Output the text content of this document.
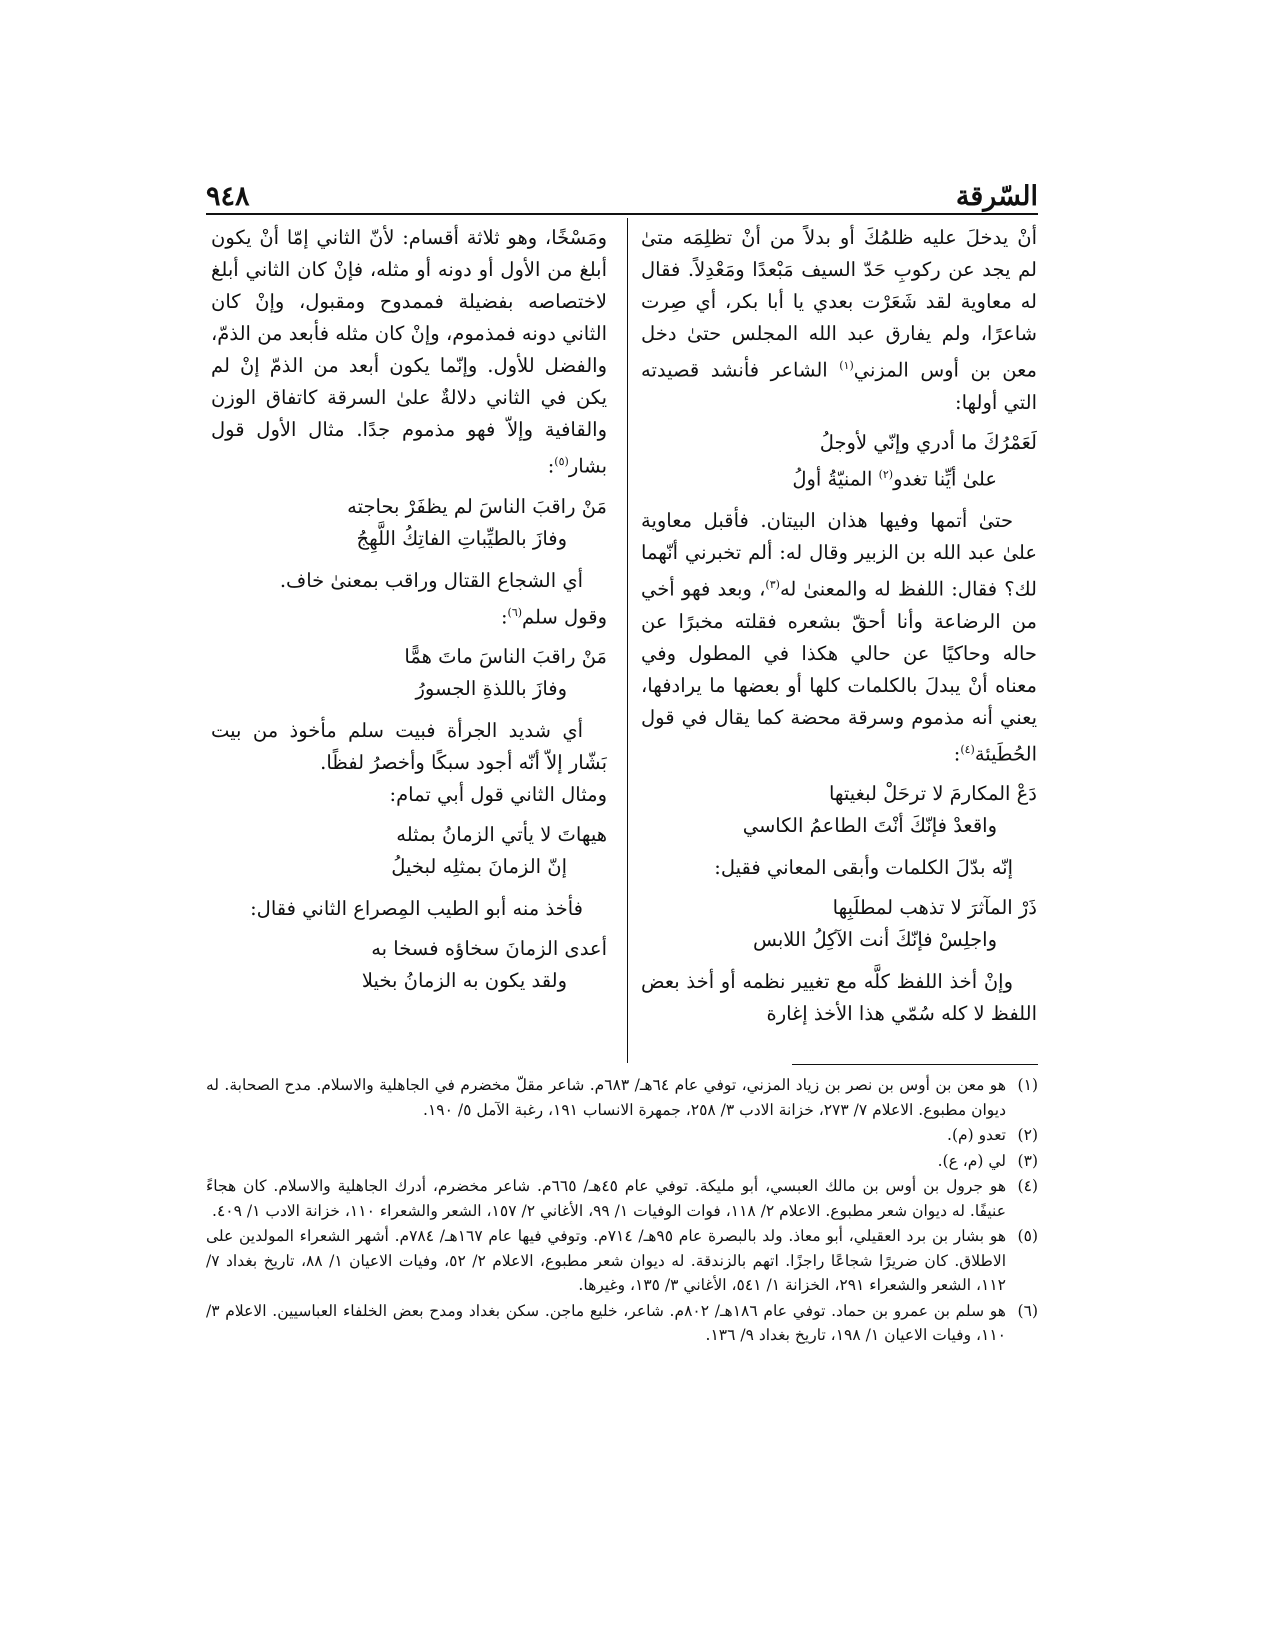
السّرقة
٩٤٨

أنْ يدخلَ عليه ظلمُكَ أو بدلاً من أنْ تظلِمَه متىٰ لم يجد عن ركوبِ حَدّ السيف مَبْعدًا ومَعْدِلاً. فقال له معاوية لقد شَعَرْت بعدي يا أبا بكر، أي صِرت شاعرًا، ولم يفارق عبد الله المجلس حتىٰ دخل معن بن أوس المزني$^{(١)}$ الشاعر فأنشد قصيدته التي أولها:

لَعَمْرُكَ ما أدري وإنّي لأوجلُ
علىٰ أيِّنا تغدو$^{(٢)}$ المنيّةُ أولُ

حتىٰ أتمها وفيها هذان البيتان. فأقبل معاوية علىٰ عبد الله بن الزبير وقال له: ألم تخبرني أنّهما لك؟ فقال: اللفظ له والمعنىٰ له$^{(٣)}$، وبعد فهو أخي من الرضاعة وأنا أحقّ بشعره فقلته مخبرًا عن حاله وحاكيًا عن حالي هكذا في المطول وفي معناه أنْ يبدلَ بالكلمات كلها أو بعضها ما يرادفها، يعني أنه مذموم وسرقة محضة كما يقال في قول الحُطَيئة$^{(٤)}$:

دَعْ المكارمَ لا ترحَلْ لبغيتها
واقعدْ فإنّكَ أنْتَ الطاعمُ الكاسي

إنّه بدّلَ الكلمات وأبقى المعاني فقيل:

ذَرْ المآثرَ لا تذهب لمطلَبِها
واجلِسْ فإنّكَ أنت الآكِلُ اللابس

وإنْ أخذ اللفظ كلَّه مع تغيير نظمه أو أخذ بعض اللفظ لا كله سُمّي هذا الأخذ إغارة

ومَسْخًا، وهو ثلاثة أقسام: لأنّ الثاني إمّا أنْ يكون أبلغ من الأول أو دونه أو مثله، فإنْ كان الثاني أبلغ لاختصاصه بفضيلة فممدوح ومقبول، وإنْ كان الثاني دونه فمذموم، وإنْ كان مثله فأبعد من الذمّ، والفضل للأول. وإنّما يكون أبعد من الذمّ إنْ لم يكن في الثاني دلالةٌ علىٰ السرقة كاتفاق الوزن والقافية وإلاّ فهو مذموم جدًا. مثال الأول قول بشار$^{(٥)}$:

مَنْ راقبَ الناسَ لم يظفَرْ بحاجته
وفازَ بالطيِّباتِ الفاتِكُ اللَّهِجُ

أي الشجاع القتال وراقب بمعنىٰ خاف.

وقول سلم$^{(٦)}$:

مَنْ راقبَ الناسَ ماتَ همًّا
وفازَ باللذةِ الجسورُ

أي شديد الجرأة فبيت سلم مأخوذ من بيت بَشّار إلاّ أنّه أجود سبكًا وأخصرُ لفظًا.

ومثال الثاني قول أبي تمام:

هيهاتَ لا يأتي الزمانُ بمثله
إنّ الزمانَ بمثلِه لبخيلُ

فأخذ منه أبو الطيب المِصراع الثاني فقال:

أعدى الزمانَ سخاؤه فسخا به
ولقد يكون به الزمانُ بخيلا
(١)
هو معن بن أوس بن نصر بن زياد المزني، توفي عام ٦٤هـ/ ٦٨٣م. شاعر مقلّ مخضرم في الجاهلية والاسلام. مدح الصحابة. له ديوان مطبوع. الاعلام ٧/ ٢٧٣، خزانة الادب ٣/ ٢٥٨، جمهرة الانساب ١٩١، رغبة الآمل ٥/ ١٩٠.
(٢)
تعدو (م).
(٣)
لي (م، ع).
(٤)
هو جرول بن أوس بن مالك العبسي، أبو مليكة. توفي عام ٤٥هـ/ ٦٦٥م. شاعر مخضرم، أدرك الجاهلية والاسلام. كان هجاءً عنيفًا. له ديوان شعر مطبوع. الاعلام ٢/ ١١٨، فوات الوفيات ١/ ٩٩، الأغاني ٢/ ١٥٧، الشعر والشعراء ١١٠، خزانة الادب ١/ ٤٠٩.
(٥)
هو بشار بن برد العقيلي، أبو معاذ. ولد بالبصرة عام ٩٥هـ/ ٧١٤م. وتوفي فيها عام ١٦٧هـ/ ٧٨٤م. أشهر الشعراء المولدين على الاطلاق. كان ضريرًا شجاعًا راجزًا. اتهم بالزندقة. له ديوان شعر مطبوع، الاعلام ٢/ ٥٢، وفيات الاعيان ١/ ٨٨، تاريخ بغداد ٧/ ١١٢، الشعر والشعراء ٢٩١، الخزانة ١/ ٥٤١، الأغاني ٣/ ١٣٥، وغيرها.
(٦)
هو سلم بن عمرو بن حماد. توفي عام ١٨٦هـ/ ٨٠٢م. شاعر، خليع ماجن. سكن بغداد ومدح بعض الخلفاء العباسيين. الاعلام ٣/ ١١٠، وفيات الاعيان ١/ ١٩٨، تاريخ بغداد ٩/ ١٣٦.
